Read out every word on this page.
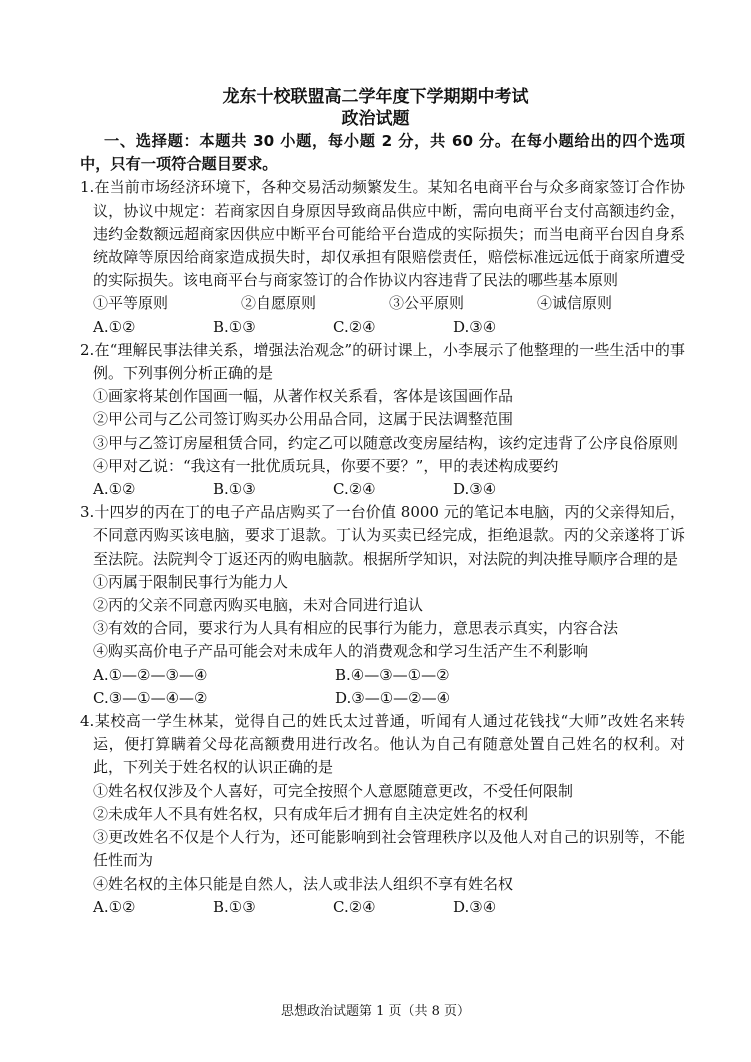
龙东十校联盟高二学年度下学期期中考试
政治试题

一、选择题：本题共 30 小题，每小题 2 分，共 60 分。在每小题给出的四个选项中，只有一项符合题目要求。

1.在当前市场经济环境下，各种交易活动频繁发生。某知名电商平台与众多商家签订合作协议，协议中规定：若商家因自身原因导致商品供应中断，需向电商平台支付高额违约金，违约金数额远超商家因供应中断平台可能给平台造成的实际损失；而当电商平台因自身系统故障等原因给商家造成损失时，却仅承担有限赔偿责任，赔偿标准远远低于商家所遭受的实际损失。该电商平台与商家签订的合作协议内容违背了民法的哪些基本原则

①平等原则	②自愿原则	③公平原则	④诚信原则
A.①②	B.①③	C.②④	D.③④

2.在“理解民事法律关系，增强法治观念”的研讨课上，小李展示了他整理的一些生活中的事例。下列事例分析正确的是

①画家将某创作国画一幅，从著作权关系看，客体是该国画作品

②甲公司与乙公司签订购买办公用品合同，这属于民法调整范围

③甲与乙签订房屋租赁合同，约定乙可以随意改变房屋结构，该约定违背了公序良俗原则

④甲对乙说：“我这有一批优质玩具，你要不要？”，甲的表述构成要约

A.①②	B.①③	C.②④	D.③④

3.十四岁的丙在丁的电子产品店购买了一台价值 8000 元的笔记本电脑，丙的父亲得知后，不同意丙购买该电脑，要求丁退款。丁认为买卖已经完成，拒绝退款。丙的父亲遂将丁诉至法院。法院判令丁返还丙的购电脑款。根据所学知识，对法院的判决推导顺序合理的是

①丙属于限制民事行为能力人

②丙的父亲不同意丙购买电脑，未对合同进行追认

③有效的合同，要求行为人具有相应的民事行为能力，意思表示真实，内容合法

④购买高价电子产品可能会对未成年人的消费观念和学习生活产生不利影响

A.①—②—③—④	B.④—③—①—②
C.③—①—④—②	D.③—①—②—④

4.某校高一学生林某，觉得自己的姓氏太过普通，听闻有人通过花钱找“大师”改姓名来转运，便打算瞒着父母花高额费用进行改名。他认为自己有随意处置自己姓名的权利。对此，下列关于姓名权的认识正确的是

①姓名权仅涉及个人喜好，可完全按照个人意愿随意更改，不受任何限制

②未成年人不具有姓名权，只有成年后才拥有自主决定姓名的权利

③更改姓名不仅是个人行为，还可能影响到社会管理秩序以及他人对自己的识别等，不能任性而为

④姓名权的主体只能是自然人，法人或非法人组织不享有姓名权

A.①②	B.①③	C.②④	D.③④
思想政治试题第 1 页（共 8 页）
